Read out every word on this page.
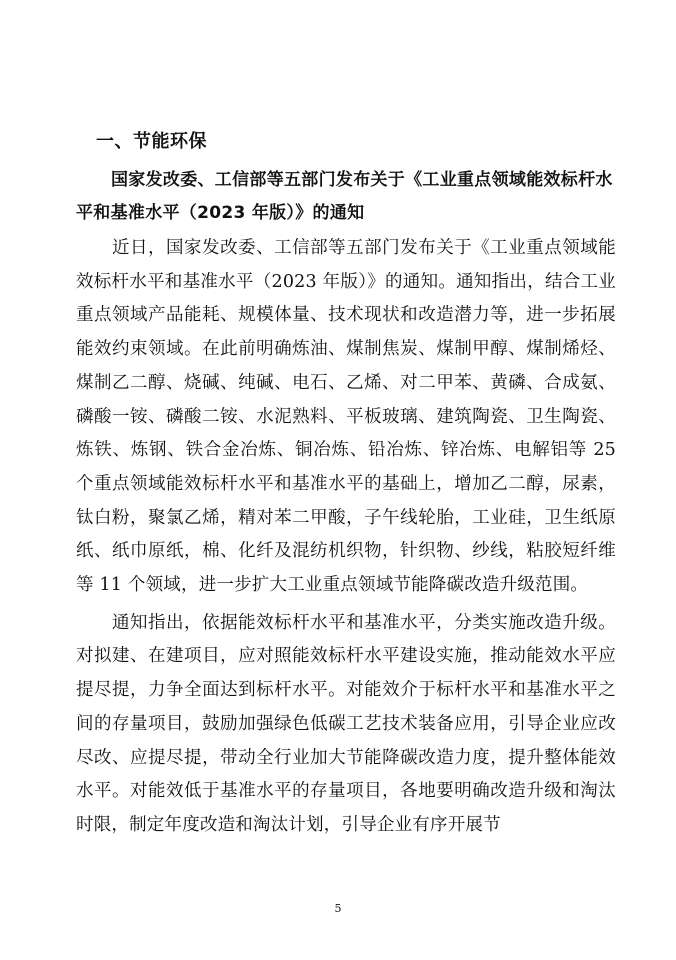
一、节能环保
国家发改委、工信部等五部门发布关于《工业重点领域能效标杆水平和基准水平（2023 年版）》的通知

近日，国家发改委、工信部等五部门发布关于《工业重点领域能效标杆水平和基准水平（2023 年版）》的通知。通知指出，结合工业重点领域产品能耗、规模体量、技术现状和改造潜力等，进一步拓展能效约束领域。在此前明确炼油、煤制焦炭、煤制甲醇、煤制烯烃、煤制乙二醇、烧碱、纯碱、电石、乙烯、对二甲苯、黄磷、合成氨、磷酸一铵、磷酸二铵、水泥熟料、平板玻璃、建筑陶瓷、卫生陶瓷、炼铁、炼钢、铁合金冶炼、铜冶炼、铅冶炼、锌冶炼、电解铝等 25 个重点领域能效标杆水平和基准水平的基础上，增加乙二醇，尿素，钛白粉，聚氯乙烯，精对苯二甲酸，子午线轮胎，工业硅，卫生纸原纸、纸巾原纸，棉、化纤及混纺机织物，针织物、纱线，粘胶短纤维等 11 个领域，进一步扩大工业重点领域节能降碳改造升级范围。

通知指出，依据能效标杆水平和基准水平，分类实施改造升级。对拟建、在建项目，应对照能效标杆水平建设实施，推动能效水平应提尽提，力争全面达到标杆水平。对能效介于标杆水平和基准水平之间的存量项目，鼓励加强绿色低碳工艺技术装备应用，引导企业应改尽改、应提尽提，带动全行业加大节能降碳改造力度，提升整体能效水平。对能效低于基准水平的存量项目，各地要明确改造升级和淘汰时限，制定年度改造和淘汰计划，引导企业有序开展节

5
